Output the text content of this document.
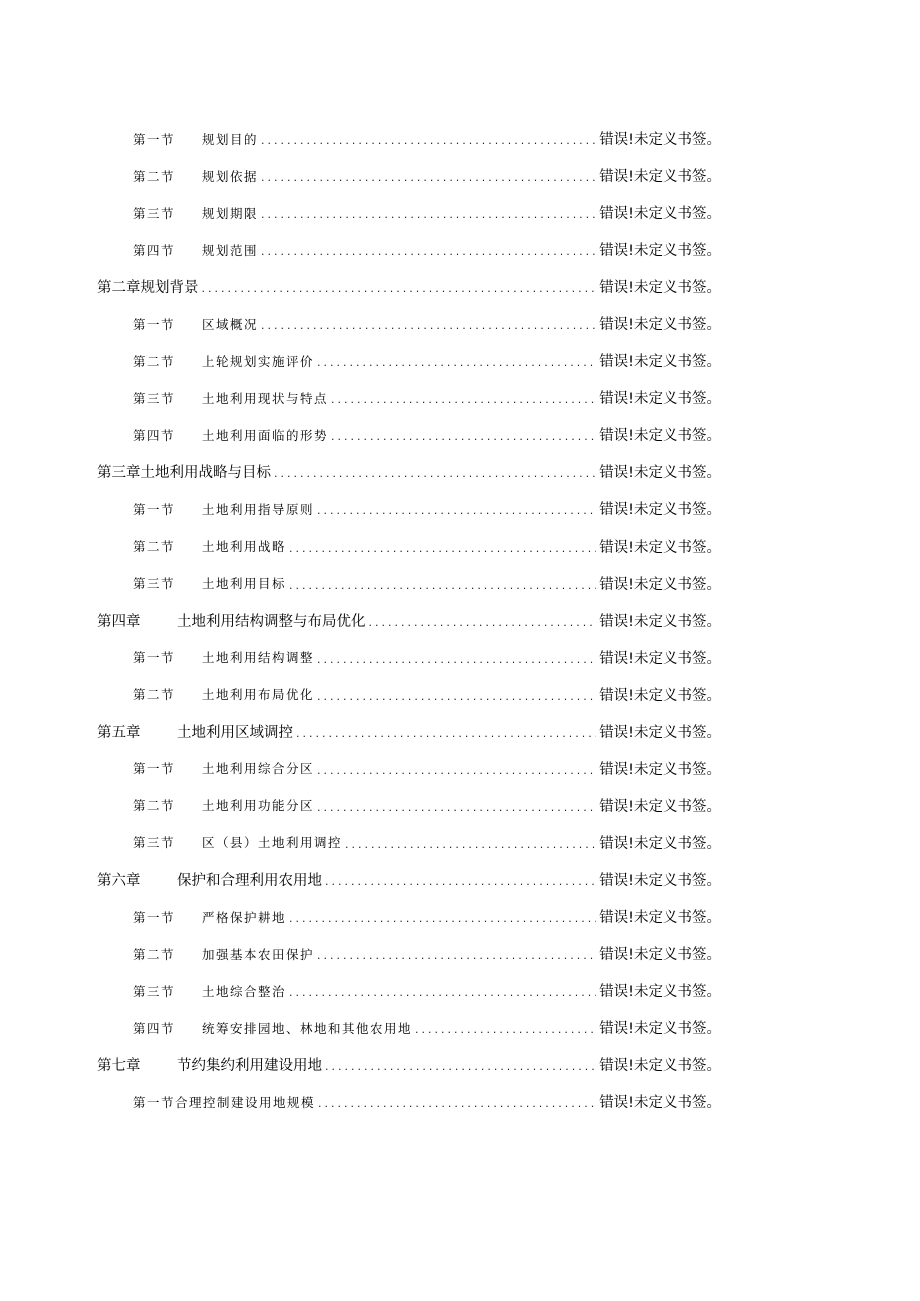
第一节	规划目的 . . .	错误!未定义书签。
第二节	规划依据 . . .	错误!未定义书签。
第三节	规划期限 . . .	错误!未定义书签。
第四节	规划范围 . . .	错误!未定义书签。
第二章 规划背景 . . .	错误!未定义书签。
第一节	区域概况 . . .	错误!未定义书签。
第二节	上轮规划实施评价 . . .	错误!未定义书签。
第三节	土地利用现状与特点 . . .	错误!未定义书签。
第四节	土地利用面临的形势 . . .	错误!未定义书签。
第三章 土地利用战略与目标 . . .	错误!未定义书签。
第一节	土地利用指导原则 . . .	错误!未定义书签。
第二节	土地利用战略 . . .	错误!未定义书签。
第三节	土地利用目标 . . .	错误!未定义书签。
第四章	土地利用结构调整与布局优化 . . .	错误!未定义书签。
第一节	土地利用结构调整 . . .	错误!未定义书签。
第二节	土地利用布局优化 . . .	错误!未定义书签。
第五章	土地利用区域调控 . . .	错误!未定义书签。
第一节	土地利用综合分区 . . .	错误!未定义书签。
第二节	土地利用功能分区 . . .	错误!未定义书签。
第三节	区（县）土地利用调控 . . .	错误!未定义书签。
第六章	保护和合理利用农用地 . . .	错误!未定义书签。
第一节	严格保护耕地 . . .	错误!未定义书签。
第二节	加强基本农田保护 . . .	错误!未定义书签。
第三节	土地综合整治 . . .	错误!未定义书签。
第四节	统筹安排园地、林地和其他农用地 . . .	错误!未定义书签。
第七章	节约集约利用建设用地 . . .	错误!未定义书签。
第一节 合理控制建设用地规模 . . .	错误!未定义书签。
